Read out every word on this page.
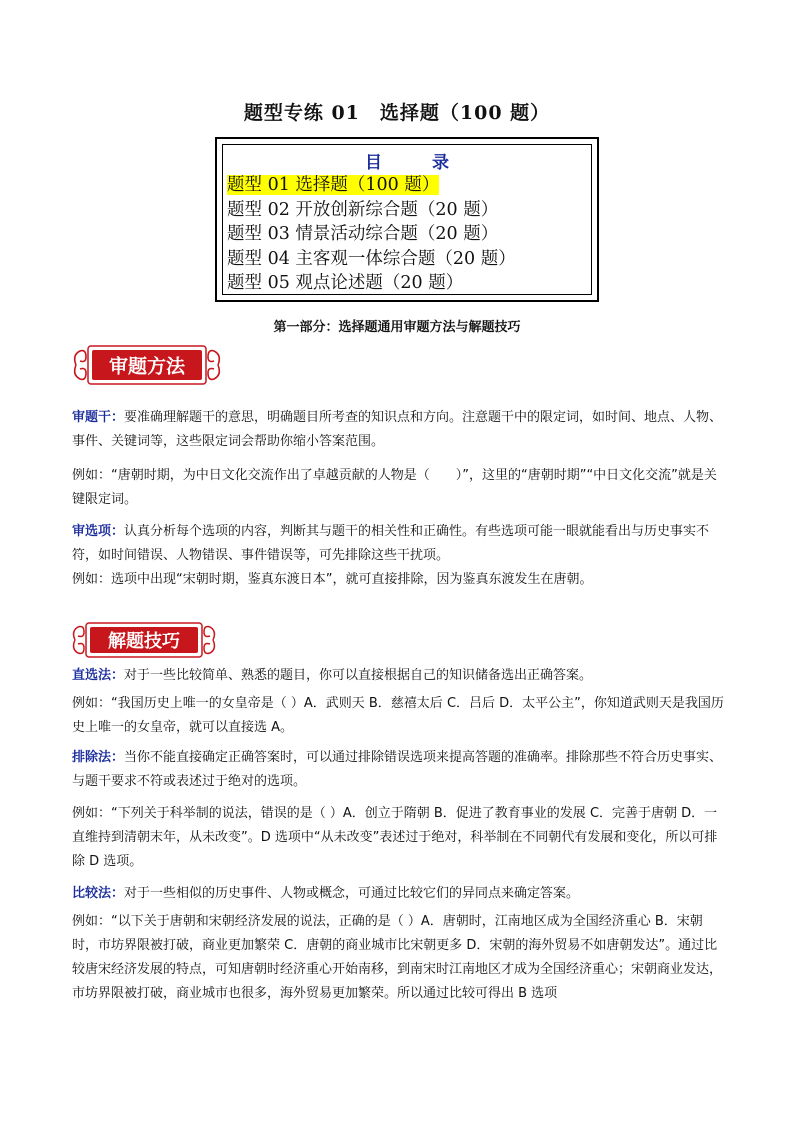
题型专练 01　选择题（100 题）
目 录
题型 01 选择题（100 题）
题型 02 开放创新综合题（20 题）
题型 03 情景活动综合题（20 题）
题型 04 主客观一体综合题（20 题）
题型 05 观点论述题（20 题）
第一部分：选择题通用审题方法与解题技巧
审题方法

审题干：要准确理解题干的意思，明确题目所考查的知识点和方向。注意题干中的限定词，如时间、地点、人物、事件、关键词等，这些限定词会帮助你缩小答案范围。

例如：“唐朝时期，为中日文化交流作出了卓越贡献的人物是（　　）”，这里的“唐朝时期”“中日文化交流”就是关键限定词。

审选项：认真分析每个选项的内容，判断其与题干的相关性和正确性。有些选项可能一眼就能看出与历史事实不符，如时间错误、人物错误、事件错误等，可先排除这些干扰项。

例如：选项中出现“宋朝时期，鉴真东渡日本”，就可直接排除，因为鉴真东渡发生在唐朝。

解题技巧

直选法：对于一些比较简单、熟悉的题目，你可以直接根据自己的知识储备选出正确答案。

例如：“我国历史上唯一的女皇帝是（ ）A．武则天 B．慈禧太后 C．吕后 D．太平公主”，你知道武则天是我国历史上唯一的女皇帝，就可以直接选 A。

排除法：当你不能直接确定正确答案时，可以通过排除错误选项来提高答题的准确率。排除那些不符合历史事实、与题干要求不符或表述过于绝对的选项。

例如：“下列关于科举制的说法，错误的是（ ）A．创立于隋朝 B．促进了教育事业的发展 C．完善于唐朝 D．一直维持到清朝末年，从未改变”。D 选项中“从未改变”表述过于绝对，科举制在不同朝代有发展和变化，所以可排除 D 选项。

比较法：对于一些相似的历史事件、人物或概念，可通过比较它们的异同点来确定答案。

例如：“以下关于唐朝和宋朝经济发展的说法，正确的是（ ）A．唐朝时，江南地区成为全国经济重心 B．宋朝时，市坊界限被打破，商业更加繁荣 C．唐朝的商业城市比宋朝更多 D．宋朝的海外贸易不如唐朝发达”。通过比较唐宋经济发展的特点，可知唐朝时经济重心开始南移，到南宋时江南地区才成为全国经济重心；宋朝商业发达，市坊界限被打破，商业城市也很多，海外贸易更加繁荣。所以通过比较可得出 B 选项
